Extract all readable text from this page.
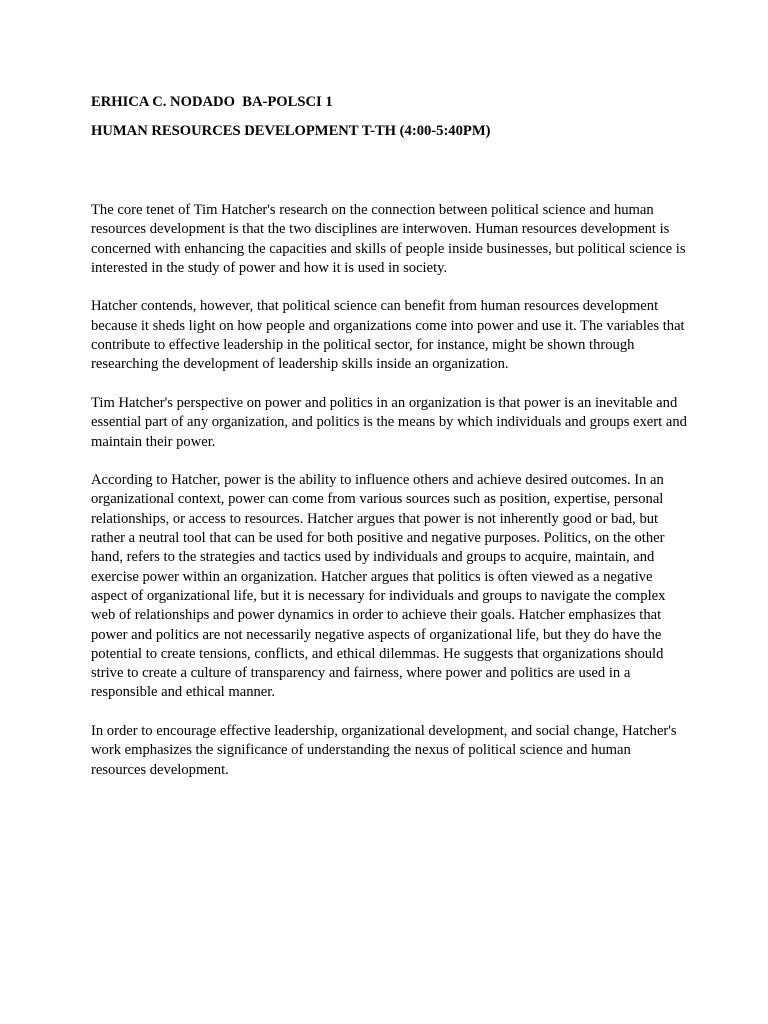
ERHICA C. NODADO  BA-POLSCI 1
HUMAN RESOURCES DEVELOPMENT T-TH (4:00-5:40PM)

The core tenet of Tim Hatcher's research on the connection between political science and human resources development is that the two disciplines are interwoven. Human resources development is concerned with enhancing the capacities and skills of people inside businesses, but political science is interested in the study of power and how it is used in society.

Hatcher contends, however, that political science can benefit from human resources development because it sheds light on how people and organizations come into power and use it. The variables that contribute to effective leadership in the political sector, for instance, might be shown through researching the development of leadership skills inside an organization.

Tim Hatcher's perspective on power and politics in an organization is that power is an inevitable and essential part of any organization, and politics is the means by which individuals and groups exert and maintain their power.

According to Hatcher, power is the ability to influence others and achieve desired outcomes. In an organizational context, power can come from various sources such as position, expertise, personal relationships, or access to resources. Hatcher argues that power is not inherently good or bad, but rather a neutral tool that can be used for both positive and negative purposes. Politics, on the other hand, refers to the strategies and tactics used by individuals and groups to acquire, maintain, and exercise power within an organization. Hatcher argues that politics is often viewed as a negative aspect of organizational life, but it is necessary for individuals and groups to navigate the complex web of relationships and power dynamics in order to achieve their goals. Hatcher emphasizes that power and politics are not necessarily negative aspects of organizational life, but they do have the potential to create tensions, conflicts, and ethical dilemmas. He suggests that organizations should strive to create a culture of transparency and fairness, where power and politics are used in a responsible and ethical manner.

In order to encourage effective leadership, organizational development, and social change, Hatcher's work emphasizes the significance of understanding the nexus of political science and human resources development.
